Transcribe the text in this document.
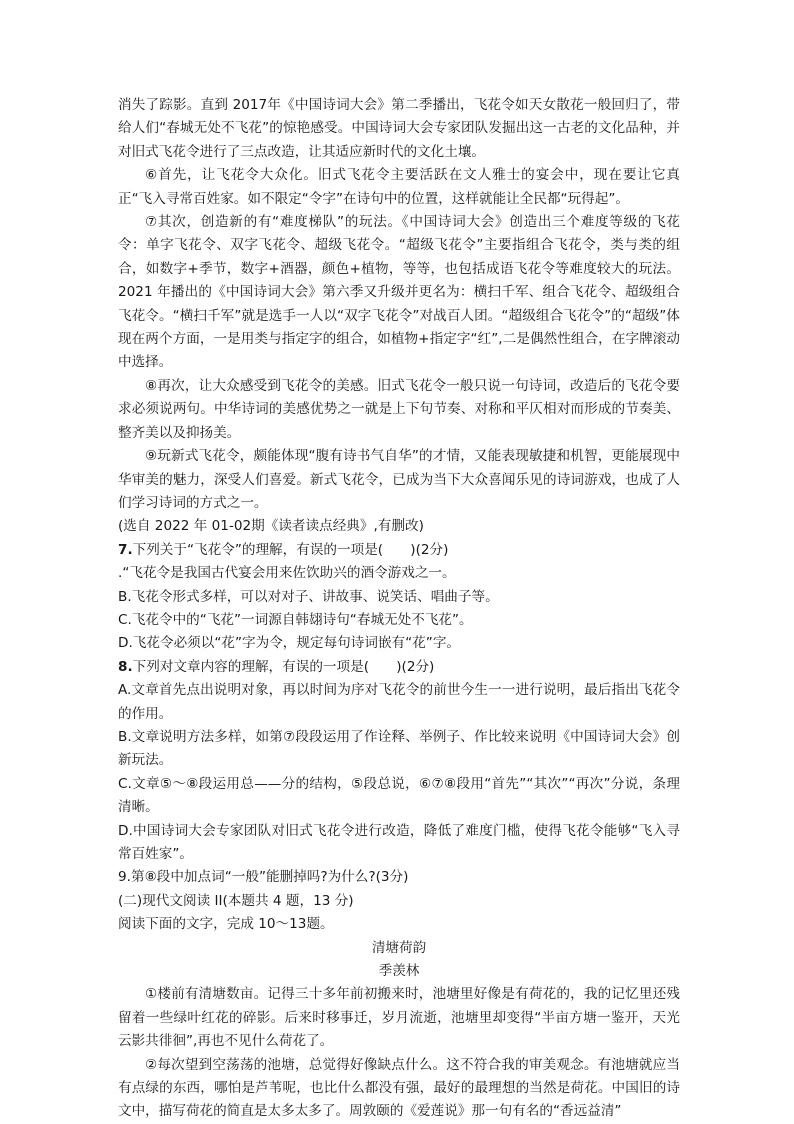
消失了踪影。直到 2017年《中国诗词大会》第二季播出，飞花令如天女散花一般回归了，带给人们“春城无处不飞花”的惊艳感受。中国诗词大会专家团队发掘出这一古老的文化品种，并对旧式飞花令进行了三点改造，让其适应新时代的文化土壤。

⑥首先，让飞花令大众化。旧式飞花令主要活跃在文人雅士的宴会中，现在要让它真正“飞入寻常百姓家。如不限定“令字”在诗句中的位置，这样就能让全民都“玩得起”。

⑦其次，创造新的有“难度梯队”的玩法。《中国诗词大会》创造出三个难度等级的飞花令：单字飞花令、双字飞花令、超级飞花令。“超级飞花令”主要指组合飞花令，类与类的组合，如数字+季节，数字+酒器，颜色+植物，等等，也包括成语飞花令等难度较大的玩法。2021 年播出的《中国诗词大会》第六季又升级并更名为：横扫千军、组合飞花令、超级组合飞花令。“横扫千军”就是选手一人以“双字飞花令”对战百人团。“超级组合飞花令”的“超级”体现在两个方面，一是用类与指定字的组合，如植物+指定字“红”,二是偶然性组合，在字牌滚动中选择。

⑧再次，让大众感受到飞花令的美感。旧式飞花令一般只说一句诗词，改造后的飞花令要求必须说两句。中华诗词的美感优势之一就是上下句节奏、对称和平仄相对而形成的节奏美、整齐美以及抑扬美。

⑨玩新式飞花令，颇能体现“腹有诗书气自华”的才情，又能表现敏捷和机智，更能展现中华审美的魅力，深受人们喜爱。新式飞花令，已成为当下大众喜闻乐见的诗词游戏，也成了人们学习诗词的方式之一。

(选自 2022 年 01-02期《读者读点经典》,有删改)

7.下列关于“飞花令”的理解，有误的一项是(　　)(2分)

.“飞花令是我国古代宴会用来佐饮助兴的酒令游戏之一。

B.飞花令形式多样，可以对对子、讲故事、说笑话、唱曲子等。

C.飞花令中的“飞花”一词源自韩翃诗句“春城无处不飞花”。

D.飞花令必须以“花”字为令，规定每句诗词嵌有“花”字。

8.下列对文章内容的理解，有误的一项是(　　)(2分)

A.文章首先点出说明对象，再以时间为序对飞花令的前世今生一一进行说明，最后指出飞花令的作用。

B.文章说明方法多样，如第⑦段段运用了作诠释、举例子、作比较来说明《中国诗词大会》创新玩法。

C.文章⑤～⑧段运用总——分的结构，⑤段总说，⑥⑦⑧段用“首先”“其次”“再次”分说，条理清晰。

D.中国诗词大会专家团队对旧式飞花令进行改造，降低了难度门槛，使得飞花令能够“飞入寻常百姓家”。

9.第⑧段中加点词“一般”能删掉吗?为什么?(3分)

(二)现代文阅读 II(本题共 4 题，13 分)

阅读下面的文字，完成 10～13题。

清塘荷韵

季羡林

①楼前有清塘数亩。记得三十多年前初搬来时，池塘里好像是有荷花的，我的记忆里还残留着一些绿叶红花的碎影。后来时移事迁，岁月流逝，池塘里却变得“半亩方塘一鉴开，天光云影共徘徊”,再也不见什么荷花了。

②每次望到空荡荡的池塘，总觉得好像缺点什么。这不符合我的审美观念。有池塘就应当有点绿的东西，哪怕是芦苇呢，也比什么都没有强，最好的最理想的当然是荷花。中国旧的诗文中，描写荷花的简直是太多太多了。周敦颐的《爱莲说》那一句有名的“香远益清”
